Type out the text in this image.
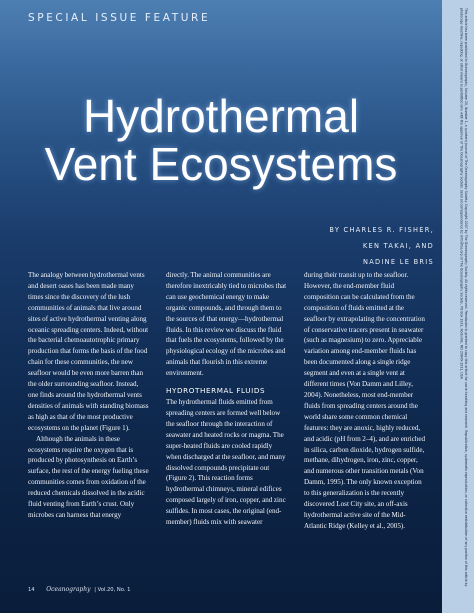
SPECIAL ISSUE FEATURE
Hydrothermal
Vent Ecosystems
BY CHARLES R. FISHER,
KEN TAKAI, AND
NADINE LE BRIS

The analogy between hydrothermal vents and desert oases has been made many times since the discovery of the lush communities of animals that live around sites of active hydrothermal venting along oceanic spreading centers. Indeed, without the bacterial chemoautotrophic primary production that forms the basis of the food chain for these communities, the new seafloor would be even more barren than the older surrounding seafloor. Instead, one finds around the hydrothermal vents densities of animals with standing biomass as high as that of the most productive ecosystems on the planet (Figure 1).

Although the animals in these ecosystems require the oxygen that is produced by photosynthesis on Earth’s surface, the rest of the energy fueling these communities comes from oxidation of the reduced chemicals dissolved in the acidic fluid venting from Earth’s crust. Only microbes can harness that energy

directly. The animal communities are therefore inextricably tied to microbes that can use geochemical energy to make organic compounds, and through them to the sources of that energy—hydrothermal fluids. In this review we discuss the fluid that fuels the ecosystems, followed by the physiological ecology of the microbes and animals that flourish in this extreme environment.

HYDROTHERMAL FLUIDS

The hydrothermal fluids emitted from spreading centers are formed well below the seafloor through the interaction of seawater and heated rocks or magma. The super-heated fluids are cooled rapidly when discharged at the seafloor, and many dissolved compounds precipitate out (Figure 2). This reaction forms hydrothermal chimneys, mineral edifices composed largely of iron, copper, and zinc sulfides. In most cases, the original (end-member) fluids mix with seawater

during their transit up to the seafloor. However, the end-member fluid composition can be calculated from the composition of fluids emitted at the seafloor by extrapolating the concentration of conservative tracers present in seawater (such as magnesium) to zero. Appreciable variation among end-member fluids has been documented along a single ridge segment and even at a single vent at different times (Von Damm and Lilley, 2004). Nonetheless, most end-member fluids from spreading centers around the world share some common chemical features: they are anoxic, highly reduced, and acidic (pH from 2–4), and are enriched in silica, carbon dioxide, hydrogen sulfide, methane, dihydrogen, iron, zinc, copper, and numerous other transition metals (Von Damm, 1995). The only known exception to this generalization is the recently discovered Lost City site, an off-axis hydrothermal active site of the Mid-Atlantic Ridge (Kelley et al., 2005).

14 Oceanography | Vol.20, No. 1
This article has been published in Oceanography, Volume 20, Number 1, a quarterly journal of The Oceanography Society. Copyright 2007 by The Oceanography Society. All rights reserved. Permission is granted to copy this article for use in teaching and research. Republication, systematic reproduction, or collective redistribution of any portion of this article by photocopy machine, reposting, or other means is permitted only with the approval of The Oceanography Society. Send all correspondence to: info@tos.org or The Oceanography Society, PO Box 1931, Rockville, MD 20849-1931, USA.
